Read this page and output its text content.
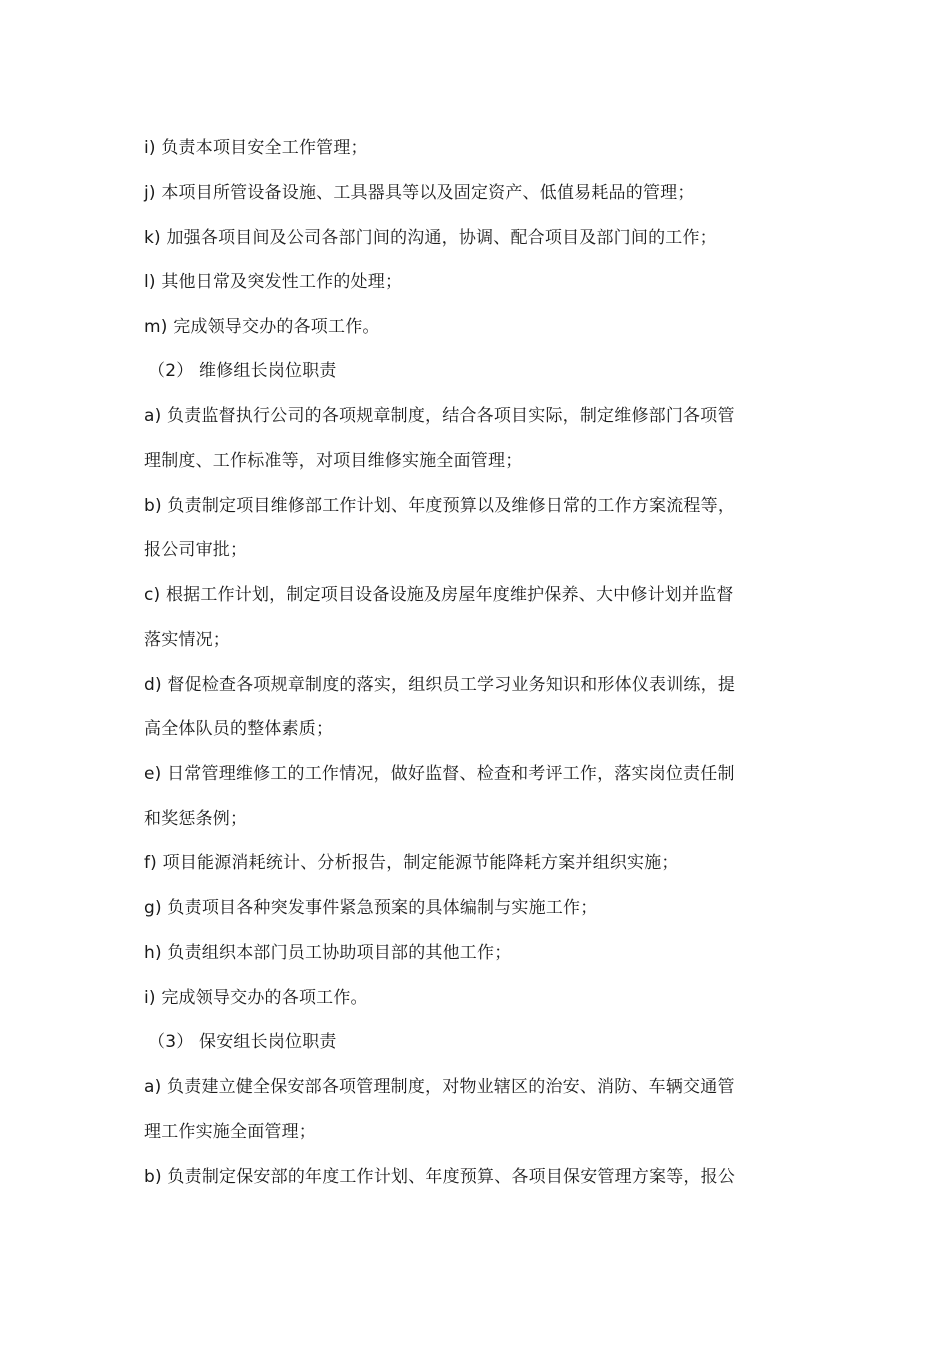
i) 负责本项目安全工作管理；
j) 本项目所管设备设施、工具器具等以及固定资产、低值易耗品的管理；
k) 加强各项目间及公司各部门间的沟通，协调、配合项目及部门间的工作；
l) 其他日常及突发性工作的处理；
m) 完成领导交办的各项工作。
（2） 维修组长岗位职责
a) 负责监督执行公司的各项规章制度，结合各项目实际，制定维修部门各项管
理制度、工作标准等，对项目维修实施全面管理；
b) 负责制定项目维修部工作计划、年度预算以及维修日常的工作方案流程等，
报公司审批；
c) 根据工作计划，制定项目设备设施及房屋年度维护保养、大中修计划并监督
落实情况；
d) 督促检查各项规章制度的落实，组织员工学习业务知识和形体仪表训练，提
高全体队员的整体素质；
e) 日常管理维修工的工作情况，做好监督、检查和考评工作，落实岗位责任制
和奖惩条例；
f) 项目能源消耗统计、分析报告，制定能源节能降耗方案并组织实施；
g) 负责项目各种突发事件紧急预案的具体编制与实施工作；
h) 负责组织本部门员工协助项目部的其他工作；
i) 完成领导交办的各项工作。
（3） 保安组长岗位职责
a) 负责建立健全保安部各项管理制度，对物业辖区的治安、消防、车辆交通管
理工作实施全面管理；
b) 负责制定保安部的年度工作计划、年度预算、各项目保安管理方案等，报公
